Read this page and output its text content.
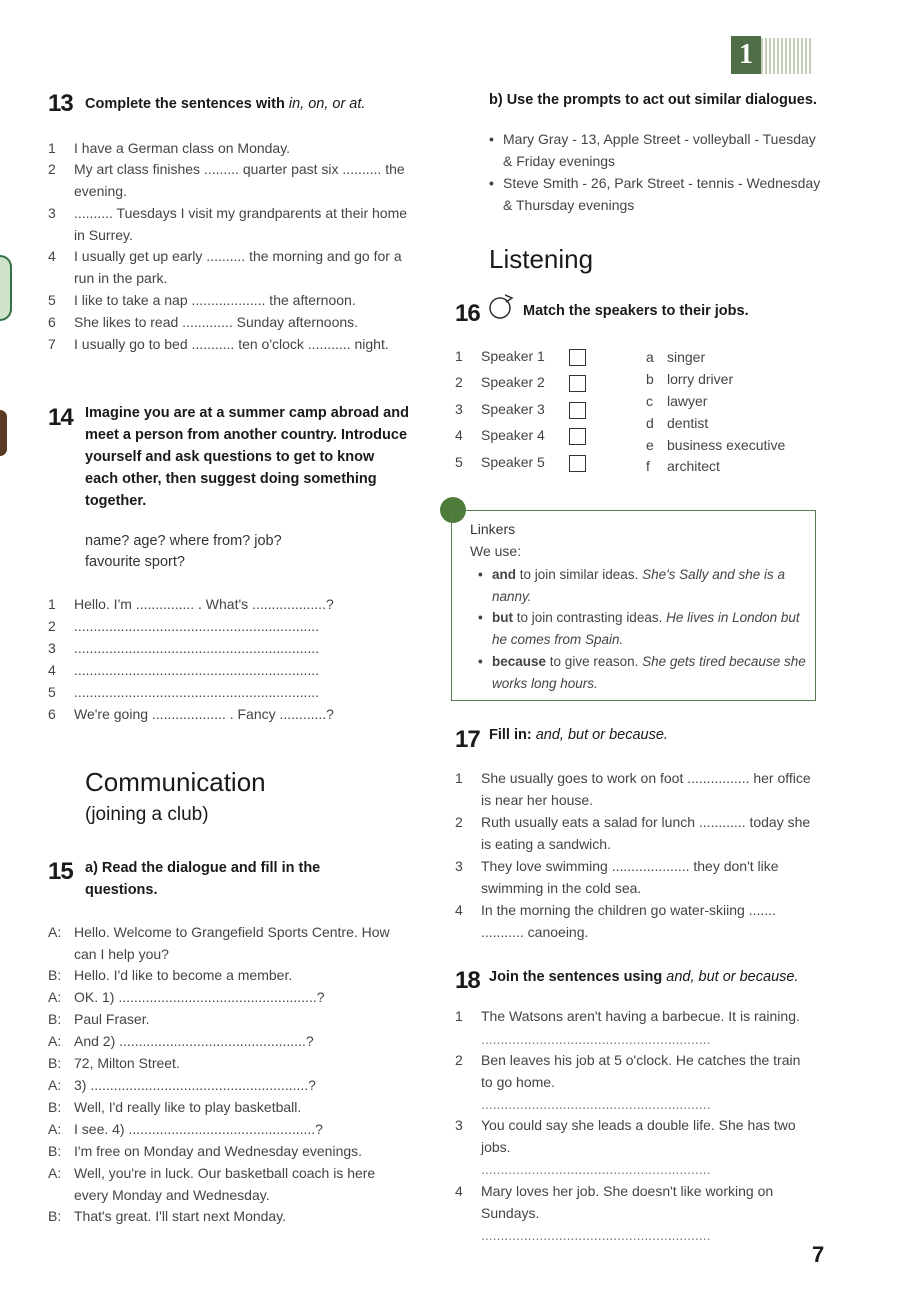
1
13 Complete the sentences with in, on, or at.
1	I have a German class on Monday.
2	My art class finishes ......... quarter past six .......... the evening.
3	.......... Tuesdays I visit my grandparents at their home in Surrey.
4	I usually get up early .......... the morning and go for a run in the park.
5	I like to take a nap ................... the afternoon.
6	She likes to read ............. Sunday afternoons.
7	I usually go to bed ........... ten o'clock ........... night.
14 Imagine you are at a summer camp abroad and meet a person from another country. Introduce yourself and ask questions to get to know each other, then suggest doing something together.
name? age? where from? job?
favourite sport?
1	Hello. I'm ............... . What's ...................?
2	...............................................................
3	...............................................................
4	...............................................................
5	...............................................................
6	We're going ................... . Fancy ............?
Communication
(joining a club)
15 a) Read the dialogue and fill in the questions.
A: Hello. Welcome to Grangefield Sports Centre. How can I help you?
B: Hello. I'd like to become a member.
A: OK. 1) ...................................................?
B: Paul Fraser.
A: And 2) ................................................?
B: 72, Milton Street.
A: 3) ........................................................?
B: Well, I'd really like to play basketball.
A: I see. 4) ................................................?
B: I'm free on Monday and Wednesday evenings.
A: Well, you're in luck. Our basketball coach is here every Monday and Wednesday.
B: That's great. I'll start next Monday.
b) Use the prompts to act out similar dialogues.
• Mary Gray - 13, Apple Street - volleyball - Tuesday & Friday evenings
• Steve Smith - 26, Park Street - tennis - Wednesday & Thursday evenings
Listening
16	Match the speakers to their jobs.
1	Speaker 1
2	Speaker 2
3	Speaker 3
4	Speaker 4
5	Speaker 5
a singer
b lorry driver
c	lawyer
d dentist
e business executive
f	architect
Linkers
We use:
and to join similar ideas. She's Sally and she is a nanny.
but to join contrasting ideas. He lives in London but he comes from Spain.
because to give reason. She gets tired because she works long hours.
17 Fill in: and, but or because.
1	She usually goes to work on foot ................ her office is near her house.
2	Ruth usually eats a salad for lunch ............ today she is eating a sandwich.
3	They love swimming .................... they don't like swimming in the cold sea.
4	In the morning the children go water-skiing ....... ........... canoeing.
18 Join the sentences using and, but or because.
1	The Watsons aren't having a barbecue. It is raining.
...........................................................
2	Ben leaves his job at 5 o'clock. He catches the train to go home.
...........................................................
3	You could say she leads a double life. She has two jobs.
...........................................................
4	Mary loves her job. She doesn't like working on Sundays.
...........................................................
7
